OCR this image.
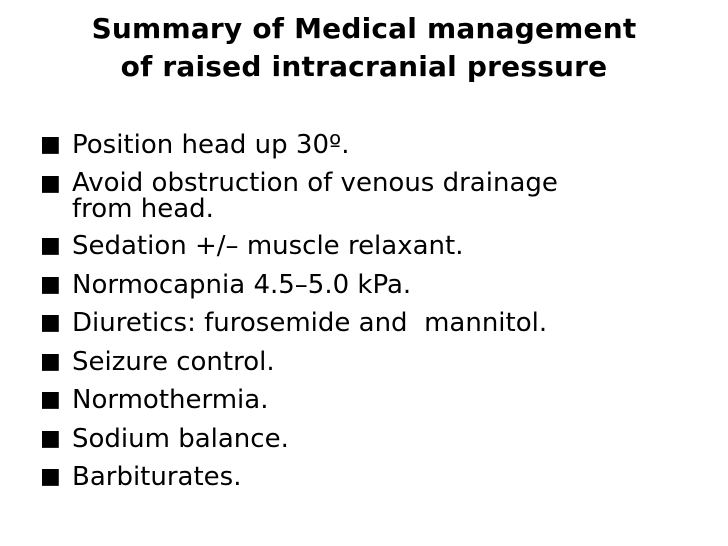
Summary of Medical management
of raised intracranial pressure
■ Position head up 30º.
■ Avoid obstruction of venous drainage
from head.
■ Sedation +/– muscle relaxant.
■ Normocapnia 4.5–5.0 kPa.
■ Diuretics: furosemide and  mannitol.
■ Seizure control.
■ Normothermia.
■ Sodium balance.
■ Barbiturates.
